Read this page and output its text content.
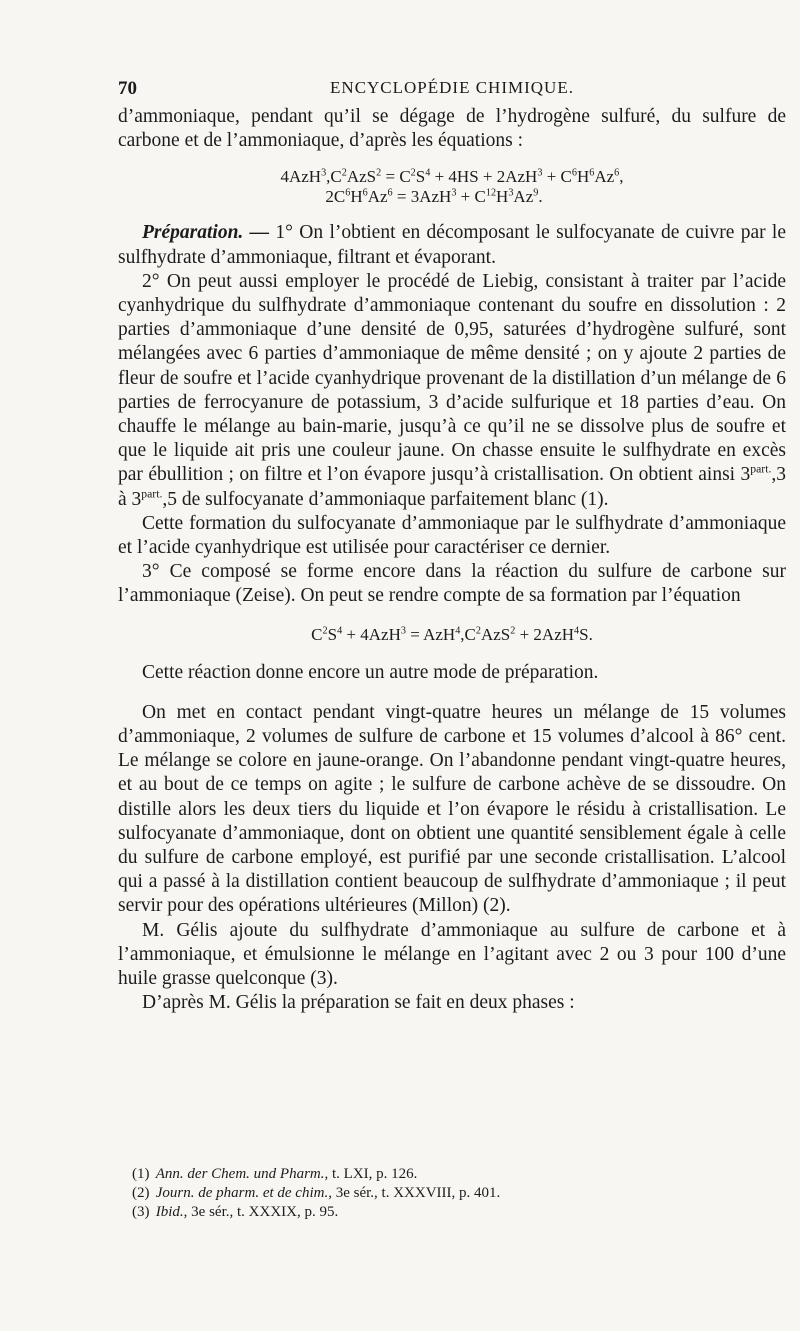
70	ENCYCLOPÉDIE CHIMIQUE.

d’ammoniaque, pendant qu’il se dégage de l’hydrogène sulfuré, du sulfure de carbone et de l’ammoniaque, d’après les équations :

$4AzH^3,C^2AzS^2 = C^2S^4 + 4HS + 2AzH^3 + C^6H^6Az^6$,
$2C^6H^6Az^6 = 3AzH^3 + C^{12}H^3Az^9$.

Préparation. — 1° On l’obtient en décomposant le sulfocyanate de cuivre par le sulfhydrate d’ammoniaque, filtrant et évaporant.

2° On peut aussi employer le procédé de Liebig, consistant à traiter par l’acide cyanhydrique du sulfhydrate d’ammoniaque contenant du soufre en dissolution : 2 parties d’ammoniaque d’une densité de 0,95, saturées d’hydrogène sulfuré, sont mélangées avec 6 parties d’ammoniaque de même densité ; on y ajoute 2 parties de fleur de soufre et l’acide cyanhydrique provenant de la distillation d’un mélange de 6 parties de ferrocyanure de potassium, 3 d’acide sulfurique et 18 parties d’eau. On chauffe le mélange au bain-marie, jusqu’à ce qu’il ne se dissolve plus de soufre et que le liquide ait pris une couleur jaune. On chasse ensuite le sulfhydrate en excès par ébullition ; on filtre et l’on évapore jusqu’à cristallisation. On obtient ainsi $3^{part.},3$ à $3^{part.},5$ de sulfocyanate d’ammoniaque parfaitement blanc (1).

Cette formation du sulfocyanate d’ammoniaque par le sulfhydrate d’ammoniaque et l’acide cyanhydrique est utilisée pour caractériser ce dernier.

3° Ce composé se forme encore dans la réaction du sulfure de carbone sur l’ammoniaque (Zeise). On peut se rendre compte de sa formation par l’équation

$C^2S^4 + 4AzH^3 = AzH^4,C^2AzS^2 + 2AzH^4S$.

Cette réaction donne encore un autre mode de préparation.

On met en contact pendant vingt-quatre heures un mélange de 15 volumes d’ammoniaque, 2 volumes de sulfure de carbone et 15 volumes d’alcool à 86° cent. Le mélange se colore en jaune-orange. On l’abandonne pendant vingt-quatre heures, et au bout de ce temps on agite ; le sulfure de carbone achève de se dissoudre. On distille alors les deux tiers du liquide et l’on évapore le résidu à cristallisation. Le sulfocyanate d’ammoniaque, dont on obtient une quantité sensiblement égale à celle du sulfure de carbone employé, est purifié par une seconde cristallisation. L’alcool qui a passé à la distillation contient beaucoup de sulfhydrate d’ammoniaque ; il peut servir pour des opérations ultérieures (Millon) (2).

M. Gélis ajoute du sulfhydrate d’ammoniaque au sulfure de carbone et à l’ammoniaque, et émulsionne le mélange en l’agitant avec 2 ou 3 pour 100 d’une huile grasse quelconque (3).

D’après M. Gélis la préparation se fait en deux phases :

(1) Ann. der Chem. und Pharm., t. LXI, p. 126.

(2) Journ. de pharm. et de chim., 3e sér., t. XXXVIII, p. 401.

(3) Ibid., 3e sér., t. XXXIX, p. 95.
